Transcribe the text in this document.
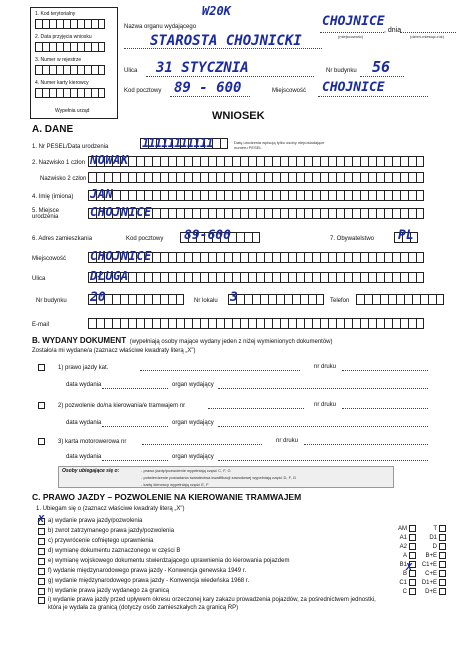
1. Kod terytorialny
2. Data przyjęcia wniosku
3. Numer w rejestrze
4. Numer karty kierowcy
Wypełnia urząd
W20K
Nazwa organu wydającego
STAROSTA CHOJNICKI
CHOJNICE
, dnia
(miejscowość)	(dzień-miesiąc-rok)
Ulica 31 STYCZNIA	Nr budynku 56
Kod pocztowy 89 - 600	Miejscowość CHOJNICE
WNIOSEK
A. DANE
1. Nr PESEL/Data urodzenia	11111111111	Datę urodzenia wpisują tylko osoby nieposiadające numeru PESEL
2. Nazwisko 1 człon NOWAK
Nazwisko 2 człon
4. Imię (imiona) JAN
5. Miejsce urodzenia	CHOJNICE
6. Adres zamieszkania	Kod pocztowy 89-600	7. Obywatelstwo PL
Miejscowość CHOJNICE
Ulica	DŁUGA
Nr budynku 20	Nr lokalu 3	Telefon
E-mail
B. WYDANY DOKUMENT (wypełniają osoby mające wydany jeden z niżej wymienionych dokumentów)
Zostało/a mi wydane/a (zaznacz właściwe kwadraty literą „X")
1) prawo jazdy kat.	nr druku
data wydania	organ wydający
2) pozwolenie do/na kierowania/e tramwajem nr	nr druku
data wydania	organ wydający
3) karta motorowerowa nr	nr druku
data wydania	organ wydający
Osoby ubiegające się o:	- prawo jazdy/pozwolenie wypełniają część C, F, G
- potwierdzenie posiadania świadectwa kwalifikacji zawodowej wypełniają część D, F, G
- kartę kierowcy wypełniają część E, F
C. PRAWO JAZDY – POZWOLENIE NA KIEROWANIE TRAMWAJEM
1. Ubiegam się o (zaznacz właściwe kwadraty literą „X")
X a) wydanie prawa jazdy/pozwolenia
b) zwrot zatrzymanego prawa jazdy/pozwolenia
c) przywrócenie cofniętego uprawnienia
d) wymianę dokumentu zaznaczonego w części B
e) wymianę wojskowego dokumentu stwierdzającego uprawnienia do kierowania pojazdem
f) wydanie międzynarodowego prawa jazdy - Konwencja genewska 1949 r.
g) wydanie międzynarodowego prawa jazdy - Konwencja wiedeńska 1968 r.
h) wydanie prawa jazdy wydanego za granicą
i) wydanie prawa jazdy przed upływem okresu orzeczonej kary zakazu prowadzenia pojazdów, za pośrednictwem jednostki, która je wydała za granicą (dotyczy osób zamieszkałych za granicą RP)
AM	T
A1	D1
A2	D
A	B+E
B1	C1+E
B	C+E
C1	D1+E
C	D+E
X
